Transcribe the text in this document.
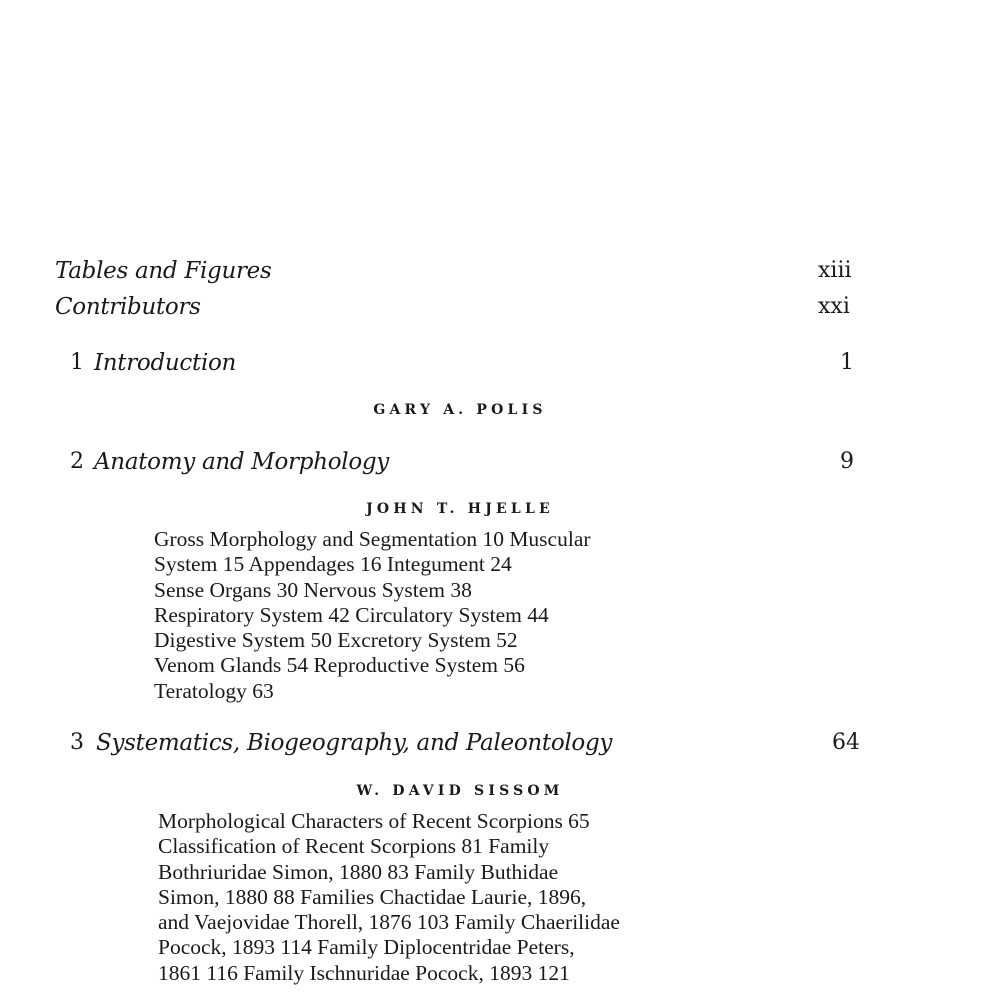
Tables and Figures	xiii
Contributors	xxi
1 Introduction	1
GARY A. POLIS
2 Anatomy and Morphology	9
JOHN T. HJELLE
Gross Morphology and Segmentation 10 Muscular
System 15 Appendages 16 Integument 24
Sense Organs 30 Nervous System 38
Respiratory System 42 Circulatory System 44
Digestive System 50 Excretory System 52
Venom Glands 54 Reproductive System 56
Teratology 63
3 Systematics, Biogeography, and Paleontology	64
W. DAVID SISSOM
Morphological Characters of Recent Scorpions 65
Classification of Recent Scorpions 81 Family
Bothriuridae Simon, 1880 83 Family Buthidae
Simon, 1880 88 Families Chactidae Laurie, 1896,
and Vaejovidae Thorell, 1876 103 Family Chaerilidae
Pocock, 1893 114 Family Diplocentridae Peters,
1861 116 Family Ischnuridae Pocock, 1893 121
